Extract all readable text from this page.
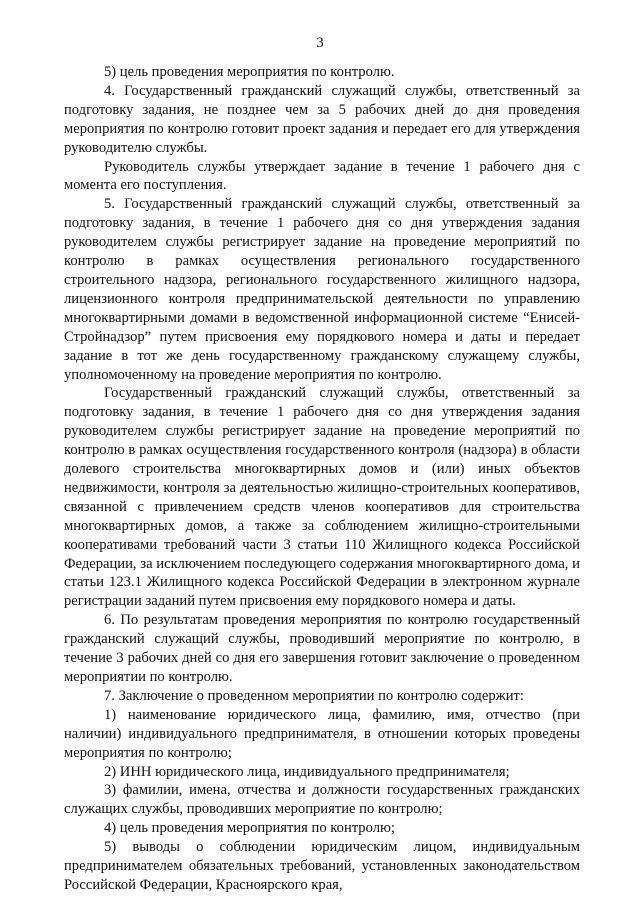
3

5) цель проведения мероприятия по контролю.

4. Государственный гражданский служащий службы, ответственный за подготовку задания, не позднее чем за 5 рабочих дней до дня проведения мероприятия по контролю готовит проект задания и передает его для утверждения руководителю службы.

Руководитель службы утверждает задание в течение 1 рабочего дня с момента его поступления.

5. Государственный гражданский служащий службы, ответственный за подготовку задания, в течение 1 рабочего дня со дня утверждения задания руководителем службы регистрирует задание на проведение мероприятий по контролю в рамках осуществления регионального государственного строительного надзора, регионального государственного жилищного надзора, лицензионного контроля предпринимательской деятельности по управлению многоквартирными домами в ведомственной информационной системе “Енисей-Стройнадзор” путем присвоения ему порядкового номера и даты и передает задание в тот же день государственному гражданскому служащему службы, уполномоченному на проведение мероприятия по контролю.

Государственный гражданский служащий службы, ответственный за подготовку задания, в течение 1 рабочего дня со дня утверждения задания руководителем службы регистрирует задание на проведение мероприятий по контролю в рамках осуществления государственного контроля (надзора) в области долевого строительства многоквартирных домов и (или) иных объектов недвижимости, контроля за деятельностью жилищно-строительных кооперативов, связанной с привлечением средств членов кооперативов для строительства многоквартирных домов, а также за соблюдением жилищно-строительными кооперативами требований части 3 статьи 110 Жилищного кодекса Российской Федерации, за исключением последующего содержания многоквартирного дома, и статьи 123.1 Жилищного кодекса Российской Федерации в электронном журнале регистрации заданий путем присвоения ему порядкового номера и даты.

6. По результатам проведения мероприятия по контролю государственный гражданский служащий службы, проводивший мероприятие по контролю, в течение 3 рабочих дней со дня его завершения готовит заключение о проведенном мероприятии по контролю.

7. Заключение о проведенном мероприятии по контролю содержит:

1) наименование юридического лица, фамилию, имя, отчество (при наличии) индивидуального предпринимателя, в отношении которых проведены мероприятия по контролю;

2) ИНН юридического лица, индивидуального предпринимателя;

3) фамилии, имена, отчества и должности государственных гражданских служащих службы, проводивших мероприятие по контролю;

4) цель проведения мероприятия по контролю;

5) выводы о соблюдении юридическим лицом, индивидуальным предпринимателем обязательных требований, установленных законодательством Российской Федерации, Красноярского края,
